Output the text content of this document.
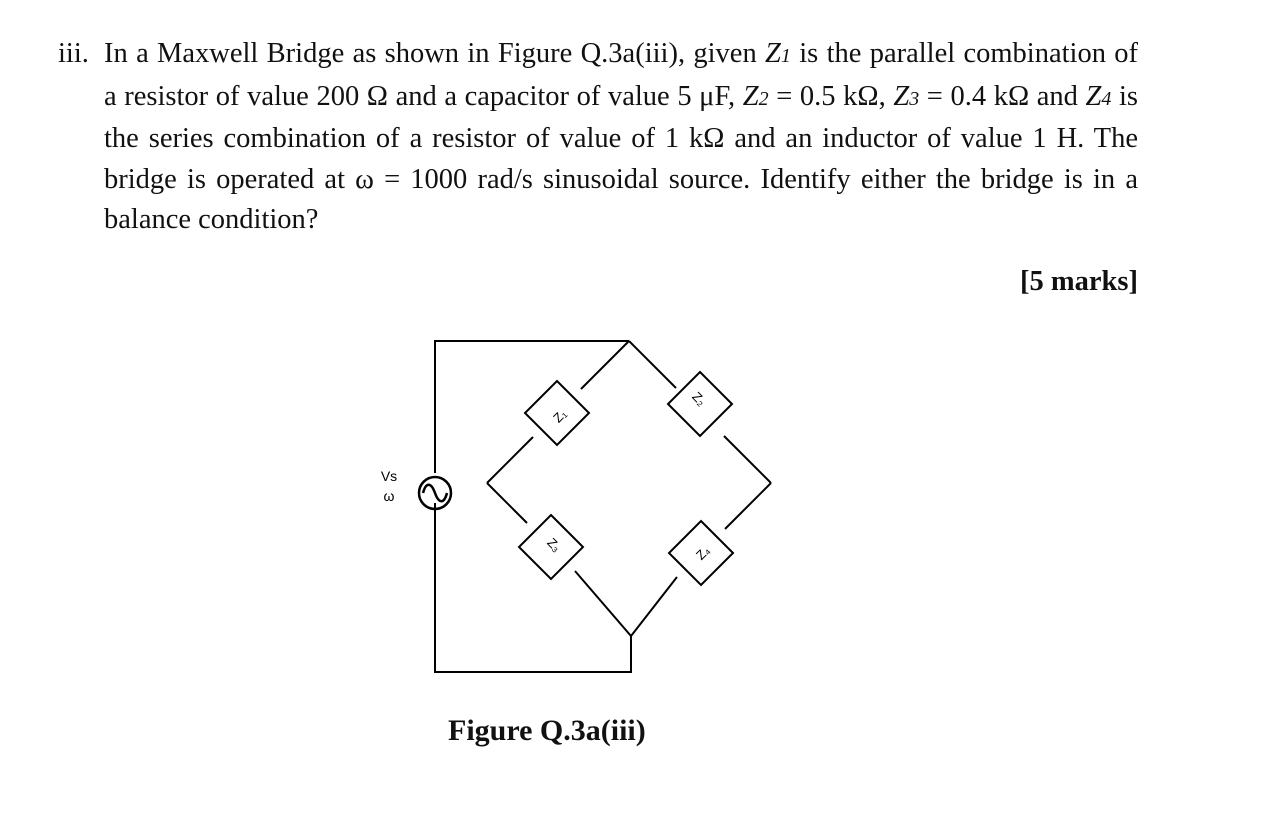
iii. In a Maxwell Bridge as shown in Figure Q.3a(iii), given Z1 is the parallel combination of a resistor of value 200 Ω and a capacitor of value 5 μF, Z2 = 0.5 kΩ, Z3 = 0.4 kΩ and Z4 is the series combination of a resistor of value of 1 kΩ and an inductor of value 1 H. The bridge is operated at ω = 1000 rad/s sinusoidal source. Identify either the bridge is in a balance condition?
[5 marks]
Z₁
Z₂
Z₃	Z₄
Vs
ω
Figure Q.3a(iii)
